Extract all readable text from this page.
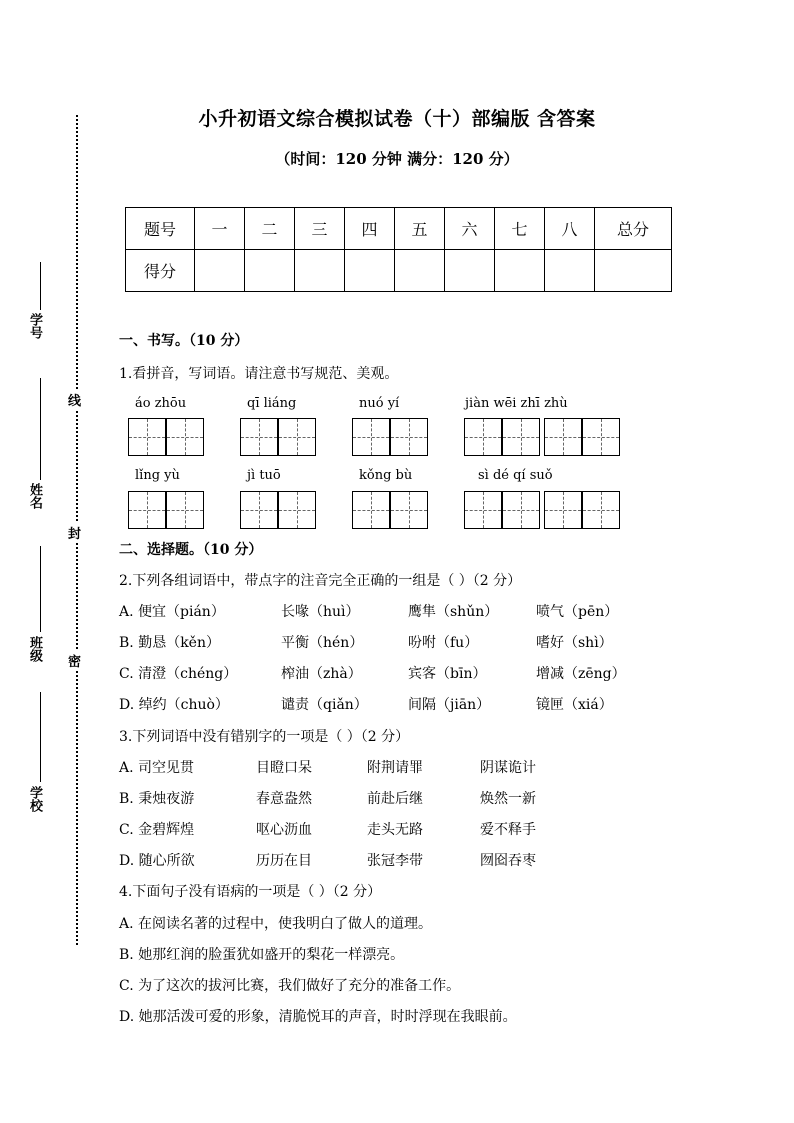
学号
姓名
班级
学校
线
封
密
小升初语文综合模拟试卷（十）部编版 含答案
（时间：120 分钟 满分：120 分）
题号	一	二	三	四	五	六	七	八	总分
得分									
一、书写。（10 分）
1.看拼音，写词语。请注意书写规范、美观。
áo zhōu	qī liáng	nuó yí	jiàn wēi zhī zhù
lǐng yù	jì tuō	kǒng bù	sì dé qí suǒ
二、选择题。（10 分）
2.下列各组词语中，带点字的注音完全正确的一组是（ ）（2 分）
A. 便宜（pián）	长喙（huì）	鹰隼（shǔn）	喷气（pēn）
B. 勤恳（kěn）	平衡（hén）	吩咐（fu）	嗜好（shì）
C. 清澄（chéng）	榨油（zhà）	宾客（bīn）	增减（zēng）
D. 绰约（chuò）	谴责（qiǎn）	间隔（jiān）	镜匣（xiá）
3.下列词语中没有错别字的一项是（ ）（2 分）
A. 司空见贯	目瞪口呆	附荆请罪	阴谋诡计
B. 秉烛夜游	春意盎然	前赴后继	焕然一新
C. 金碧辉煌	呕心沥血	走头无路	爱不释手
D. 随心所欲	历历在目	张冠李带	囫囵吞枣
4.下面句子没有语病的一项是（ ）（2 分）
A. 在阅读名著的过程中，使我明白了做人的道理。
B. 她那红润的脸蛋犹如盛开的梨花一样漂亮。
C. 为了这次的拔河比赛，我们做好了充分的准备工作。
D. 她那活泼可爱的形象，清脆悦耳的声音，时时浮现在我眼前。
